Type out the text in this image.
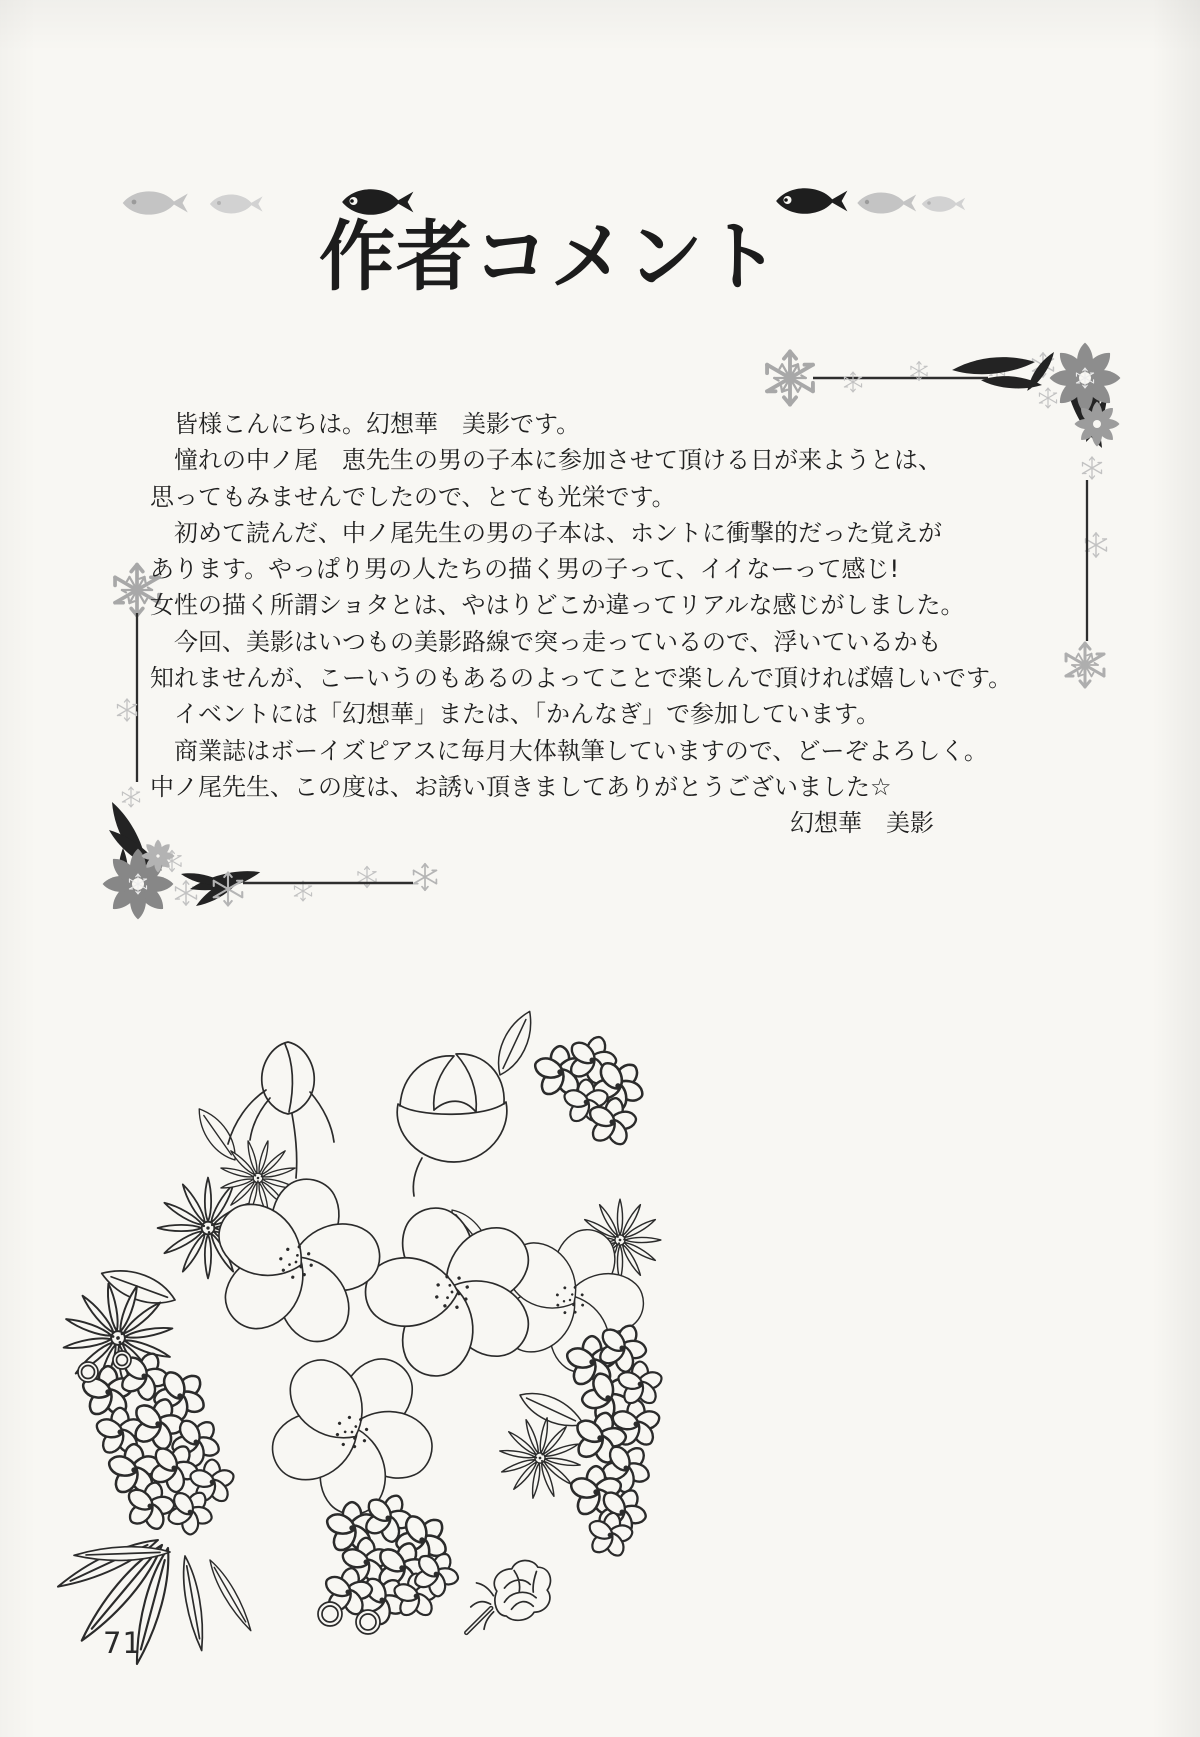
作者コメント
　皆様こんにちは。幻想華　美影です。
　憧れの中ノ尾　恵先生の男の子本に参加させて頂ける日が来ようとは、
思ってもみませんでしたので、とても光栄です。
　初めて読んだ、中ノ尾先生の男の子本は、ホントに衝撃的だった覚えが
あります。やっぱり男の人たちの描く男の子って、イイなーって感じ!
女性の描く所謂ショタとは、やはりどこか違ってリアルな感じがしました。
　今回、美影はいつもの美影路線で突っ走っているので、浮いているかも
知れませんが、こーいうのもあるのよってことで楽しんで頂ければ嬉しいです。
　イベントには「幻想華」または、「かんなぎ」で参加しています。
　商業誌はボーイズピアスに毎月大体執筆していますので、どーぞよろしく。
中ノ尾先生、この度は、お誘い頂きましてありがとうございました☆
幻想華　美影
71
